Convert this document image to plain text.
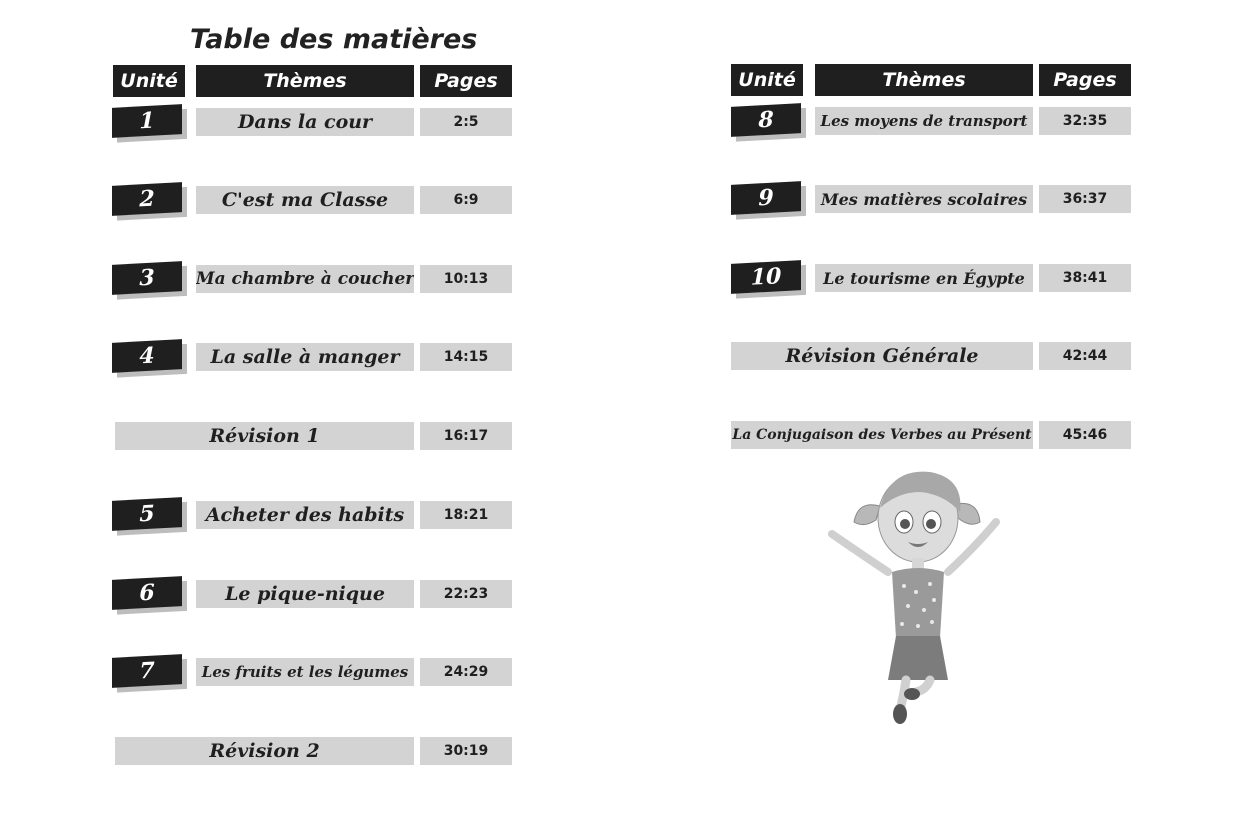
Table des matières
Unité	Thèmes	Pages	Unité	Thèmes	Pages
1	Dans la cour	2:5
2	C'est ma Classe	6:9
3	Ma chambre à coucher	10:13
4	La salle à manger	14:15
Révision 1	16:17
5	Acheter des habits	18:21
6	Le pique-nique	22:23
7	Les fruits et les légumes	24:29
Révision 2	30:19
8	Les moyens de transport	32:35
9	Mes matières scolaires	36:37
10	Le tourisme en Égypte	38:41
Révision Générale	42:44
La Conjugaison des Verbes au Présent	45:46
